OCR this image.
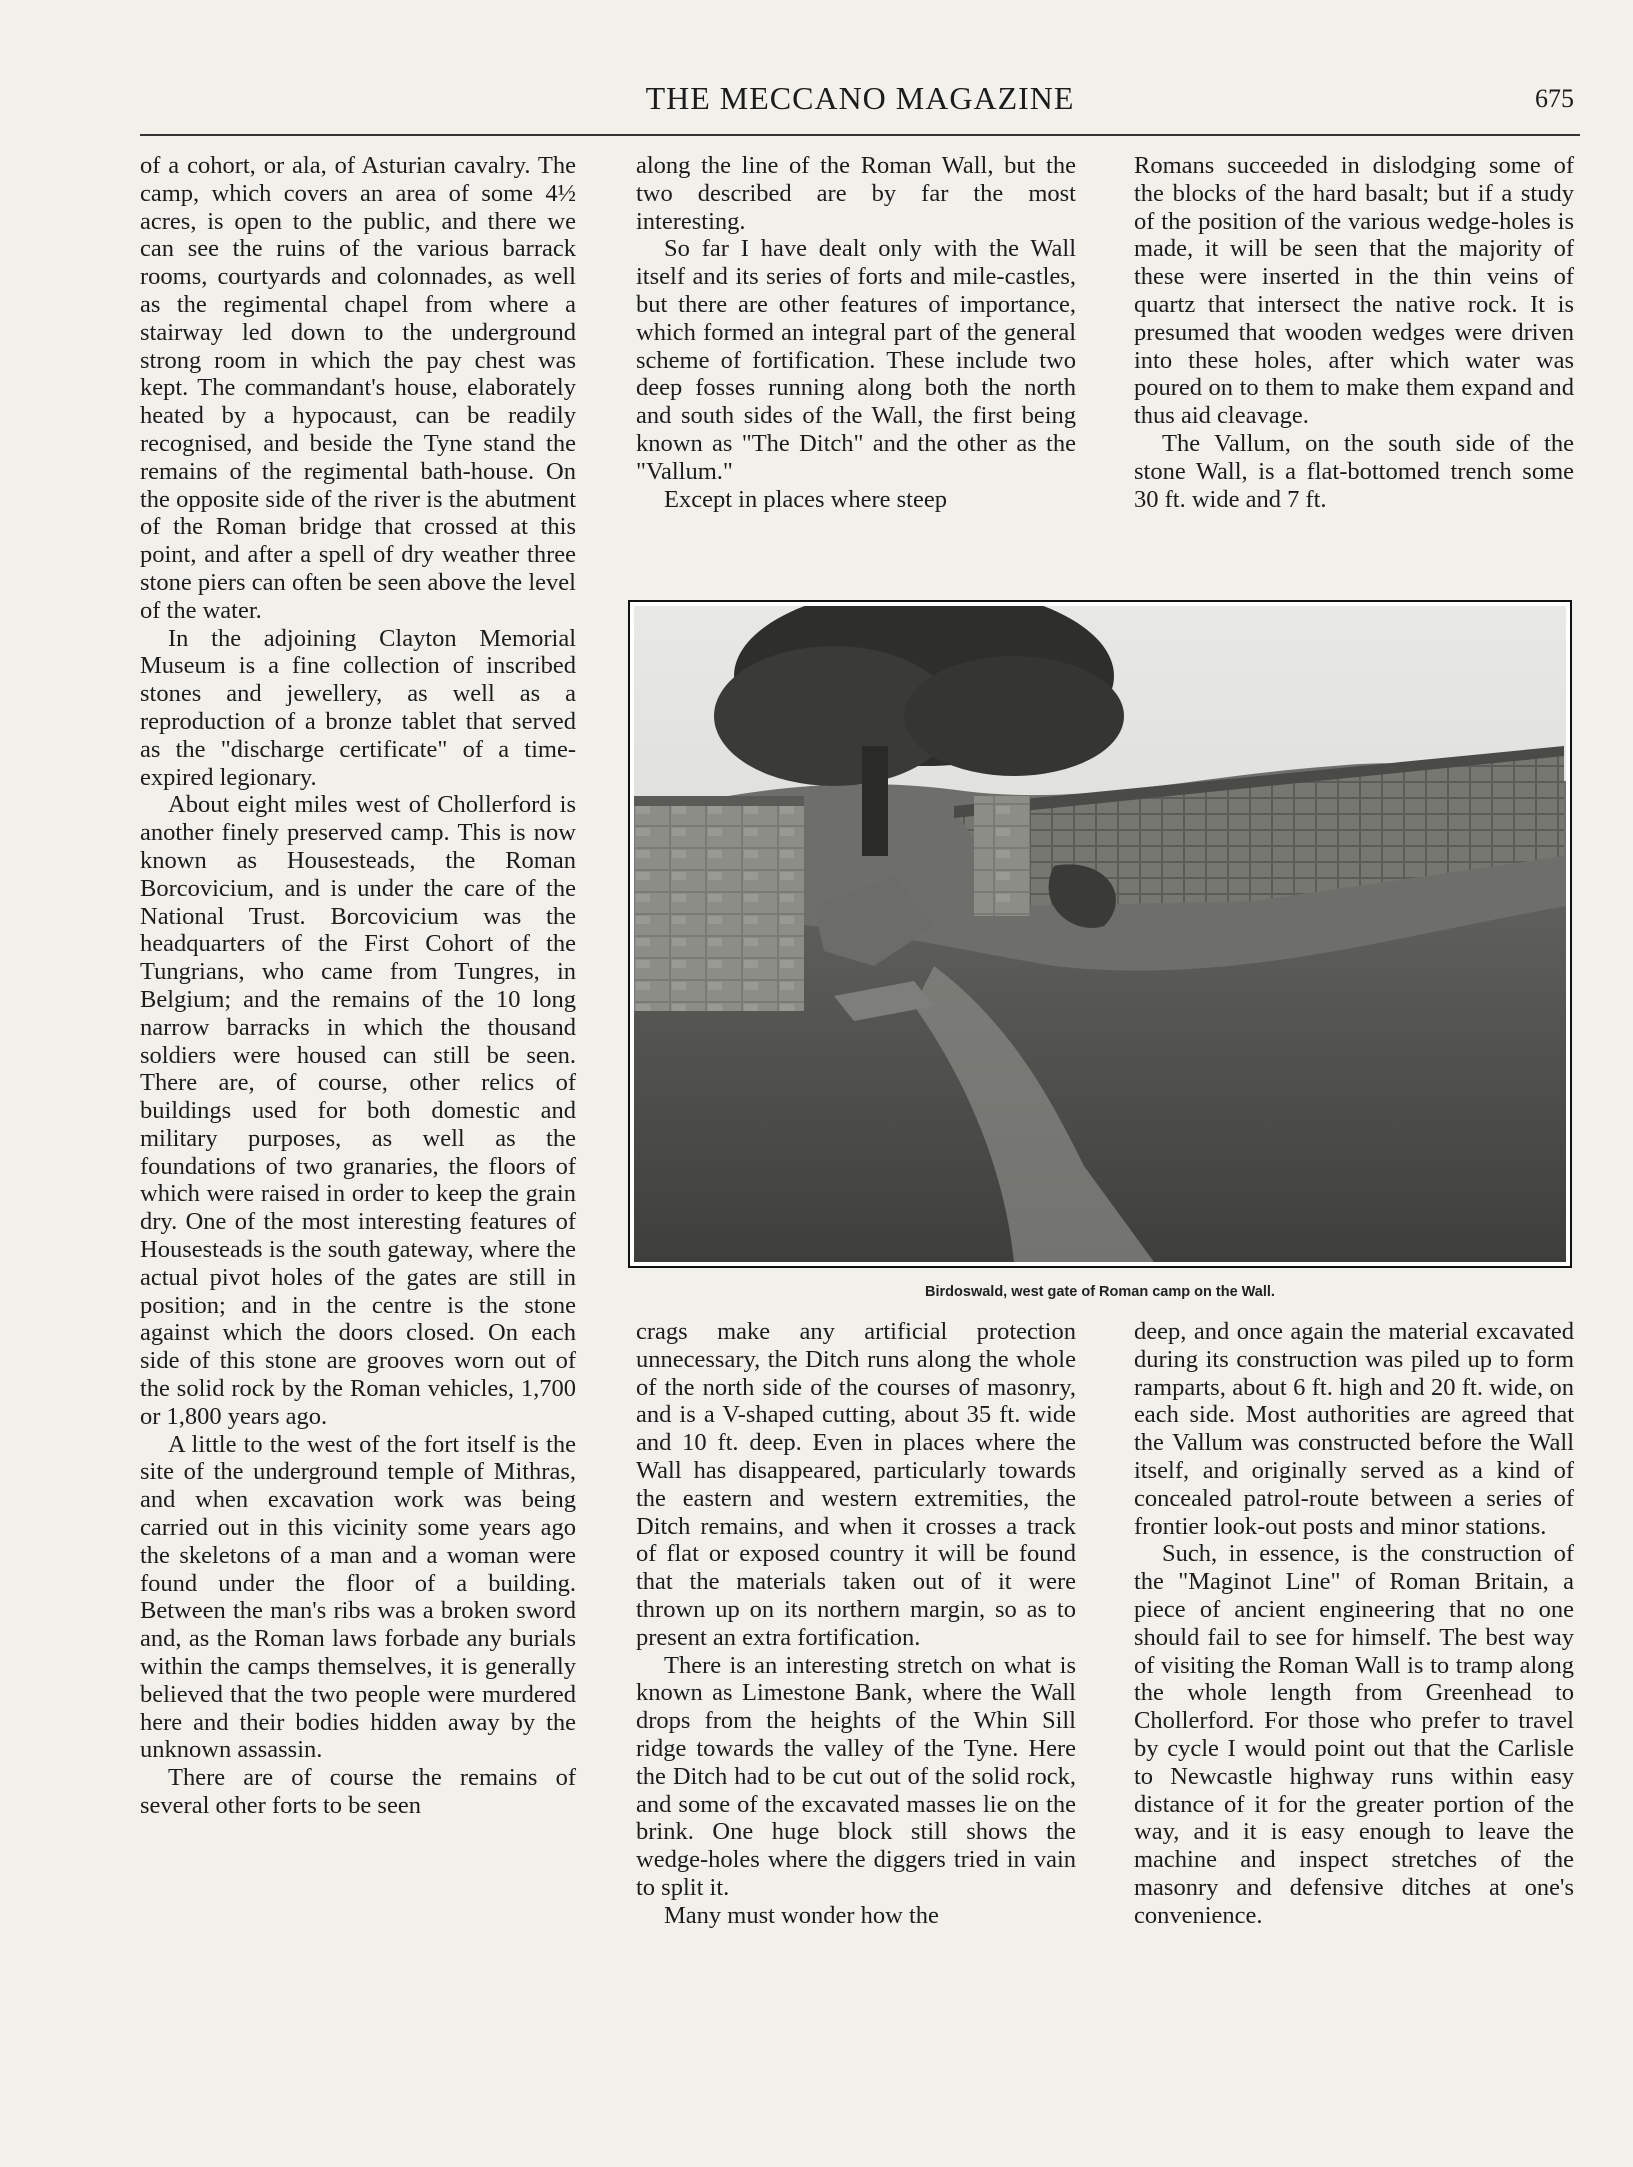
THE MECCANO MAGAZINE	675

of a cohort, or ala, of Asturian cavalry. The camp, which covers an area of some 4½ acres, is open to the public, and there we can see the ruins of the various barrack rooms, courtyards and colonnades, as well as the regimental chapel from where a stairway led down to the underground strong room in which the pay chest was kept. The commandant's house, elaborately heated by a hypocaust, can be readily recognised, and beside the Tyne stand the remains of the regimental bath-house. On the opposite side of the river is the abutment of the Roman bridge that crossed at this point, and after a spell of dry weather three stone piers can often be seen above the level of the water.

In the adjoining Clayton Memorial Museum is a fine collection of inscribed stones and jewellery, as well as a reproduction of a bronze tablet that served as the "discharge certificate" of a time-expired legionary.

About eight miles west of Chollerford is another finely preserved camp. This is now known as Housesteads, the Roman Borcovicium, and is under the care of the National Trust. Borcovicium was the headquarters of the First Cohort of the Tungrians, who came from Tungres, in Belgium; and the remains of the 10 long narrow barracks in which the thousand soldiers were housed can still be seen. There are, of course, other relics of buildings used for both domestic and military purposes, as well as the foundations of two granaries, the floors of which were raised in order to keep the grain dry. One of the most interesting features of Housesteads is the south gateway, where the actual pivot holes of the gates are still in position; and in the centre is the stone against which the doors closed. On each side of this stone are grooves worn out of the solid rock by the Roman vehicles, 1,700 or 1,800 years ago.

A little to the west of the fort itself is the site of the underground temple of Mithras, and when excavation work was being carried out in this vicinity some years ago the skeletons of a man and a woman were found under the floor of a building. Between the man's ribs was a broken sword and, as the Roman laws forbade any burials within the camps themselves, it is generally believed that the two people were murdered here and their bodies hidden away by the unknown assassin.

There are of course the remains of several other forts to be seen

along the line of the Roman Wall, but the two described are by far the most interesting.

So far I have dealt only with the Wall itself and its series of forts and mile-castles, but there are other features of importance, which formed an integral part of the general scheme of fortification. These include two deep fosses running along both the north and south sides of the Wall, the first being known as "The Ditch" and the other as the "Vallum."

Except in places where steep

Romans succeeded in dislodging some of the blocks of the hard basalt; but if a study of the position of the various wedge-holes is made, it will be seen that the majority of these were inserted in the thin veins of quartz that intersect the native rock. It is presumed that wooden wedges were driven into these holes, after which water was poured on to them to make them expand and thus aid cleavage.

The Vallum, on the south side of the stone Wall, is a flat-bottomed trench some 30 ft. wide and 7 ft.

Birdoswald, west gate of Roman camp on the Wall.

crags make any artificial protection unnecessary, the Ditch runs along the whole of the north side of the courses of masonry, and is a V-shaped cutting, about 35 ft. wide and 10 ft. deep. Even in places where the Wall has disappeared, particularly towards the eastern and western extremities, the Ditch remains, and when it crosses a track of flat or exposed country it will be found that the materials taken out of it were thrown up on its northern margin, so as to present an extra fortification.

There is an interesting stretch on what is known as Limestone Bank, where the Wall drops from the heights of the Whin Sill ridge towards the valley of the Tyne. Here the Ditch had to be cut out of the solid rock, and some of the excavated masses lie on the brink. One huge block still shows the wedge-holes where the diggers tried in vain to split it.

Many must wonder how the

deep, and once again the material excavated during its construction was piled up to form ramparts, about 6 ft. high and 20 ft. wide, on each side. Most authorities are agreed that the Vallum was constructed before the Wall itself, and originally served as a kind of concealed patrol-route between a series of frontier look-out posts and minor stations.

Such, in essence, is the construction of the "Maginot Line" of Roman Britain, a piece of ancient engineering that no one should fail to see for himself. The best way of visiting the Roman Wall is to tramp along the whole length from Greenhead to Chollerford. For those who prefer to travel by cycle I would point out that the Carlisle to Newcastle highway runs within easy distance of it for the greater portion of the way, and it is easy enough to leave the machine and inspect stretches of the masonry and defensive ditches at one's convenience.
